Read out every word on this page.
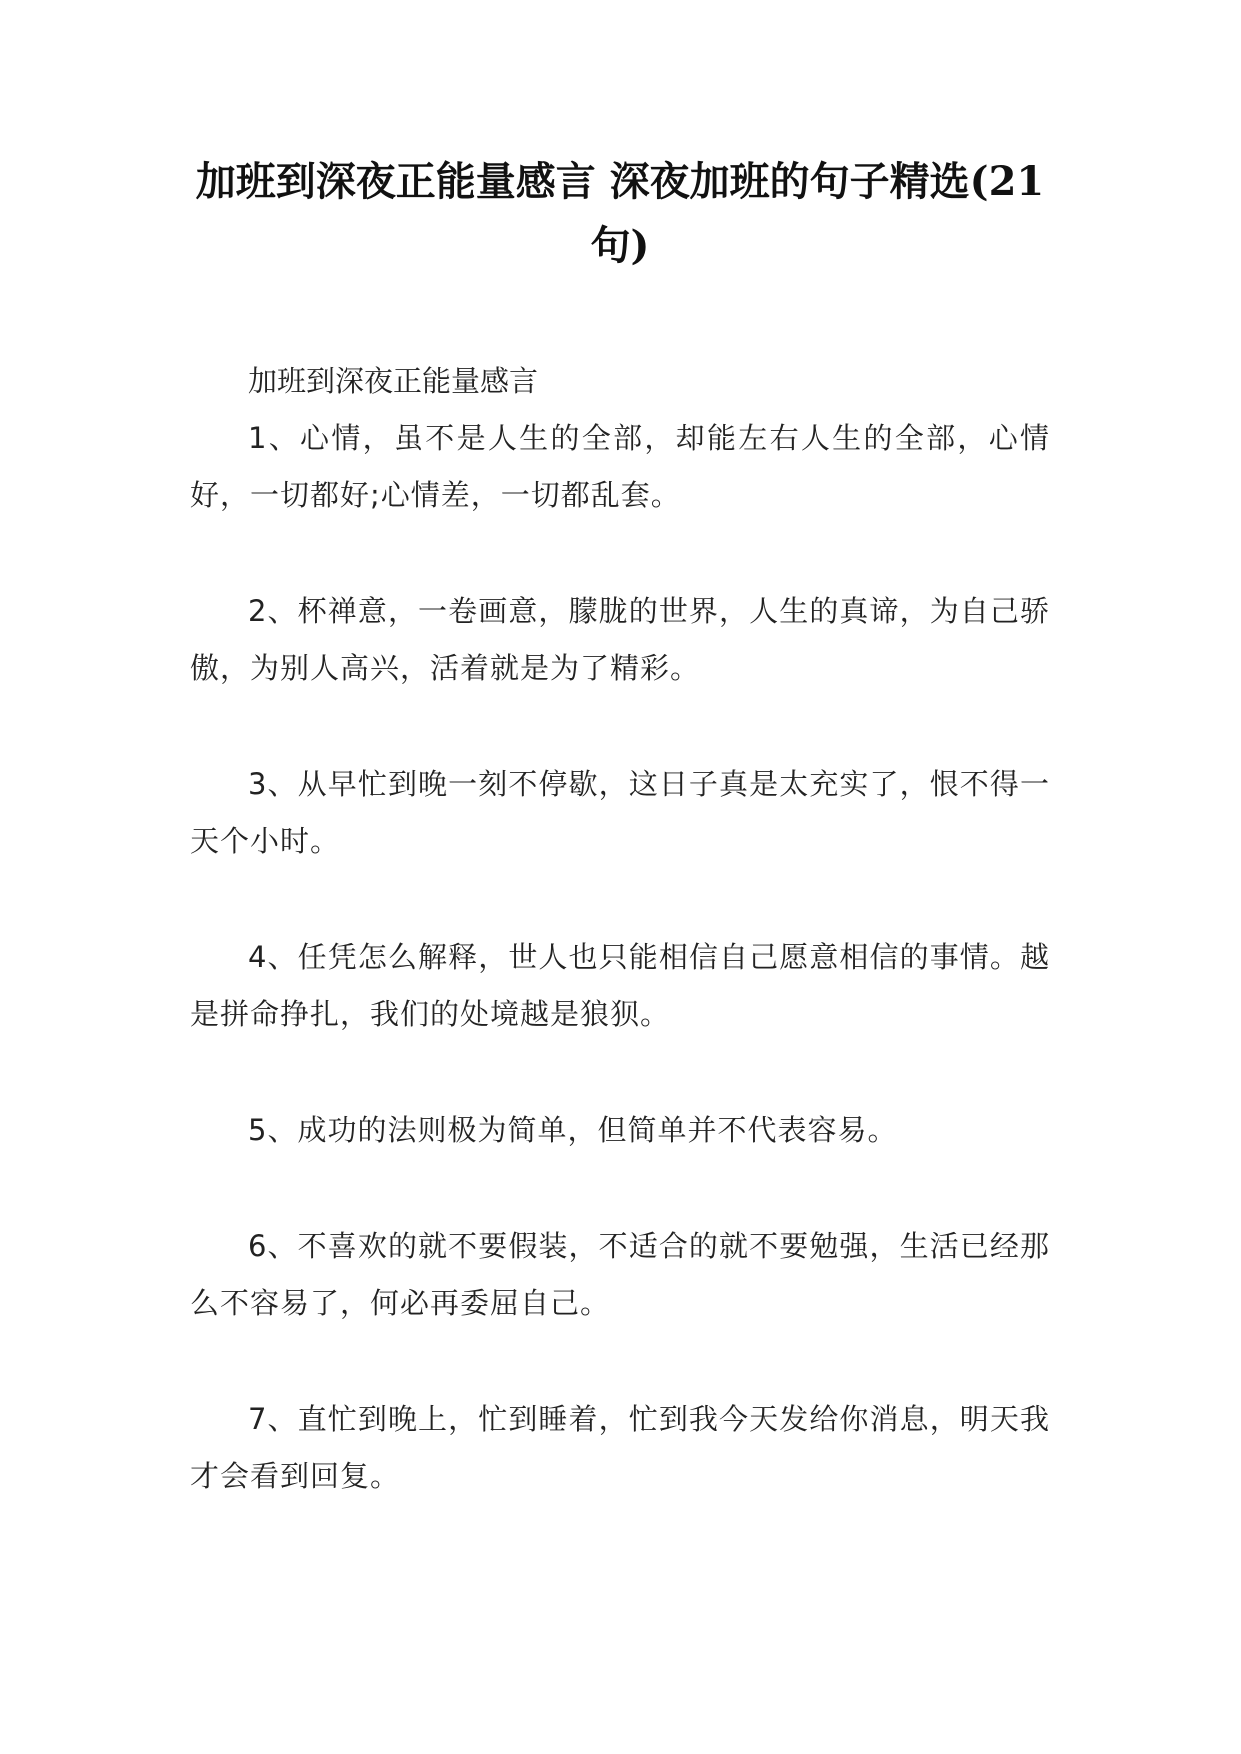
加班到深夜正能量感言 深夜加班的句子精选(21句)
加班到深夜正能量感言

1、心情，虽不是人生的全部，却能左右人生的全部，心情好，一切都好;心情差，一切都乱套。

2、杯禅意，一卷画意，朦胧的世界，人生的真谛，为自己骄傲，为别人高兴，活着就是为了精彩。

3、从早忙到晚一刻不停歇，这日子真是太充实了，恨不得一天个小时。

4、任凭怎么解释，世人也只能相信自己愿意相信的事情。越是拼命挣扎，我们的处境越是狼狈。

5、成功的法则极为简单，但简单并不代表容易。

6、不喜欢的就不要假装，不适合的就不要勉强，生活已经那么不容易了，何必再委屈自己。

7、直忙到晚上，忙到睡着，忙到我今天发给你消息，明天我才会看到回复。
